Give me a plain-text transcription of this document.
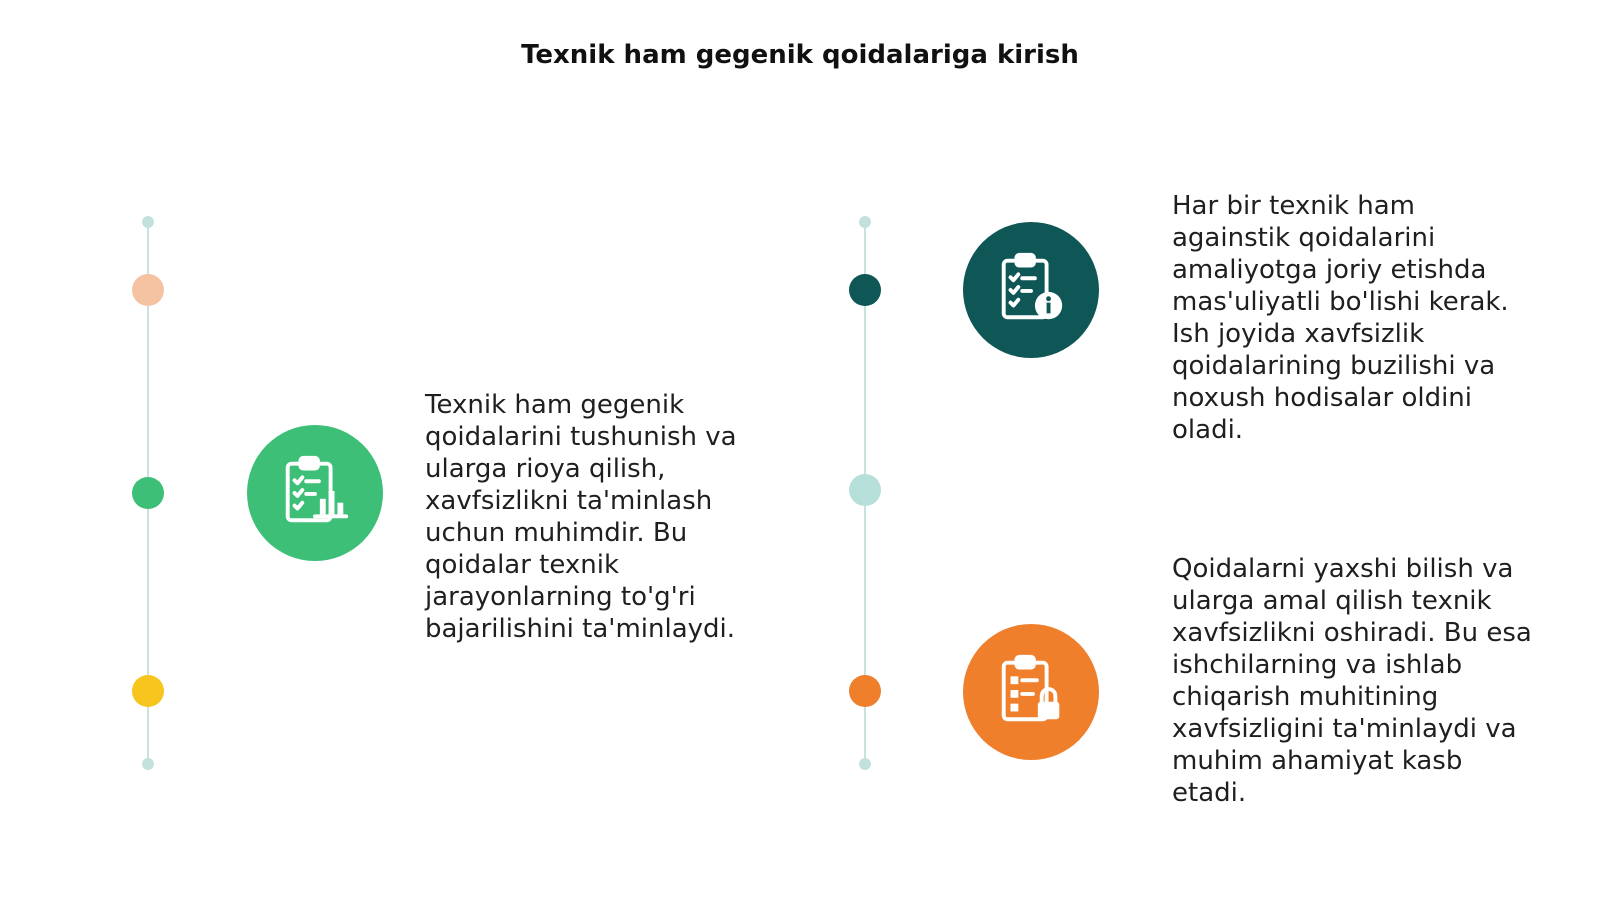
Texnik ham gegenik qoidalariga kirish

Texnik ham gegenik
qoidalarini tushunish va
ularga rioya qilish,
xavfsizlikni ta'minlash
uchun muhimdir. Bu
qoidalar texnik
jarayonlarning to'g'ri
bajarilishini ta'minlaydi.

Har bir texnik ham
againstik qoidalarini
amaliyotga joriy etishda
mas'uliyatli bo'lishi kerak.
Ish joyida xavfsizlik
qoidalarining buzilishi va
noxush hodisalar oldini
oladi.

Qoidalarni yaxshi bilish va
ularga amal qilish texnik
xavfsizlikni oshiradi. Bu esa
ishchilarning va ishlab
chiqarish muhitining
xavfsizligini ta'minlaydi va
muhim ahamiyat kasb
etadi.
